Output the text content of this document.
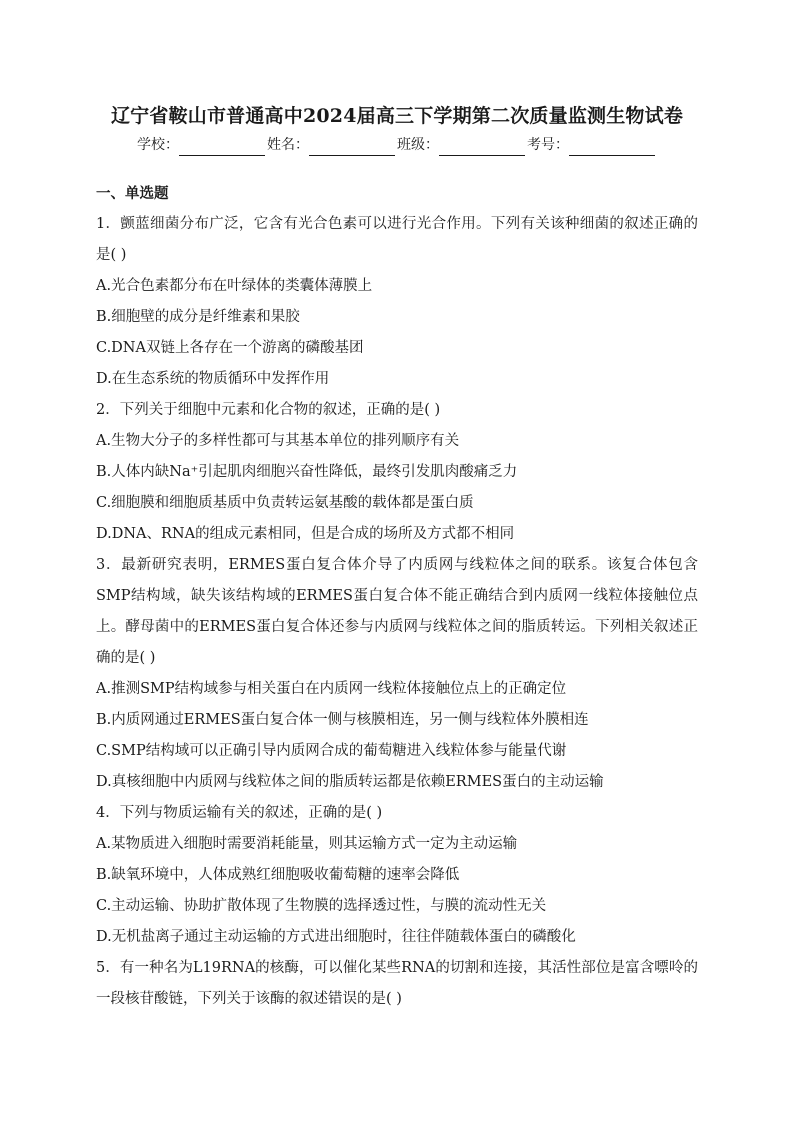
辽宁省鞍山市普通高中2024届高三下学期第二次质量监测生物试卷
学校：	姓名：	班级：	考号：
一、单选题
1．颤蓝细菌分布广泛，它含有光合色素可以进行光合作用。下列有关该种细菌的叙述正确的是( )
A.光合色素都分布在叶绿体的类囊体薄膜上
B.细胞壁的成分是纤维素和果胶
C.DNA双链上各存在一个游离的磷酸基团
D.在生态系统的物质循环中发挥作用
2．下列关于细胞中元素和化合物的叙述，正确的是( )
A.生物大分子的多样性都可与其基本单位的排列顺序有关
B.人体内缺Na⁺引起肌肉细胞兴奋性降低，最终引发肌肉酸痛乏力
C.细胞膜和细胞质基质中负责转运氨基酸的载体都是蛋白质
D.DNA、RNA的组成元素相同，但是合成的场所及方式都不相同
3．最新研究表明，ERMES蛋白复合体介导了内质网与线粒体之间的联系。该复合体包含SMP结构域，缺失该结构域的ERMES蛋白复合体不能正确结合到内质网一线粒体接触位点上。酵母菌中的ERMES蛋白复合体还参与内质网与线粒体之间的脂质转运。下列相关叙述正确的是( )
A.推测SMP结构域参与相关蛋白在内质网一线粒体接触位点上的正确定位
B.内质网通过ERMES蛋白复合体一侧与核膜相连，另一侧与线粒体外膜相连
C.SMP结构域可以正确引导内质网合成的葡萄糖进入线粒体参与能量代谢
D.真核细胞中内质网与线粒体之间的脂质转运都是依赖ERMES蛋白的主动运输
4．下列与物质运输有关的叙述，正确的是( )
A.某物质进入细胞时需要消耗能量，则其运输方式一定为主动运输
B.缺氧环境中，人体成熟红细胞吸收葡萄糖的速率会降低
C.主动运输、协助扩散体现了生物膜的选择透过性，与膜的流动性无关
D.无机盐离子通过主动运输的方式进出细胞时，往往伴随载体蛋白的磷酸化
5．有一种名为L19RNA的核酶，可以催化某些RNA的切割和连接，其活性部位是富含嘌呤的一段核苷酸链，下列关于该酶的叙述错误的是( )
